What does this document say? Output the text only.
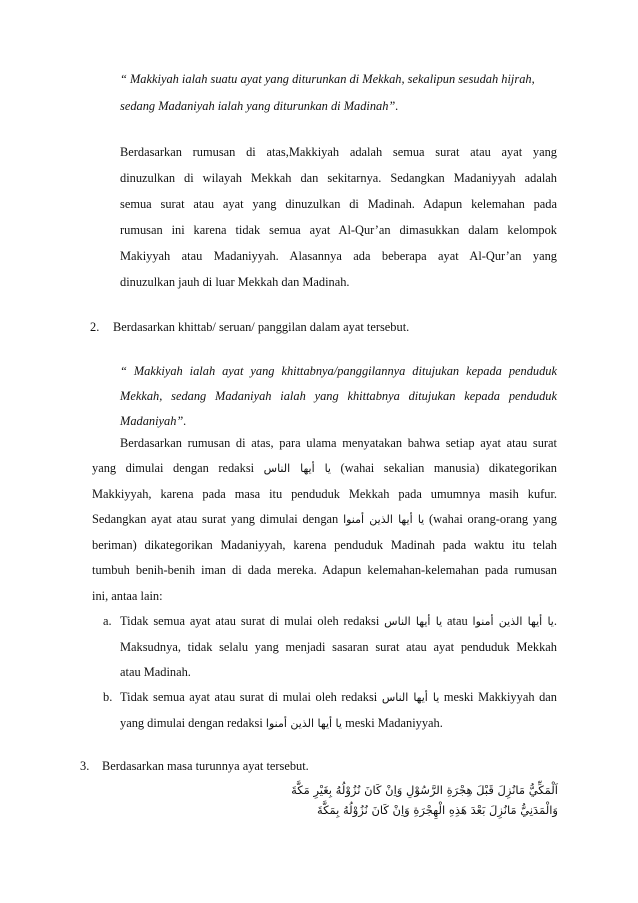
“ Makkiyah ialah suatu ayat yang diturunkan di Mekkah, sekalipun sesudah hijrah,

sedang Madaniyah ialah yang diturunkan di Madinah”.

Berdasarkan rumusan di atas,Makkiyah adalah semua surat atau ayat yang

dinuzulkan di wilayah Mekkah dan sekitarnya. Sedangkan Madaniyyah adalah

semua surat atau ayat yang dinuzulkan di Madinah. Adapun kelemahan pada

rumusan ini karena tidak semua ayat Al-Qur’an dimasukkan dalam kelompok

Makiyyah atau Madaniyyah. Alasannya ada beberapa ayat Al-Qur’an yang

dinuzulkan jauh di luar Mekkah dan Madinah.

2. Berdasarkan khittab/ seruan/ panggilan dalam ayat tersebut.

“ Makkiyah ialah ayat yang khittabnya/panggilannya ditujukan kepada penduduk

Mekkah, sedang Madaniyah ialah yang khittabnya ditujukan kepada penduduk

Madaniyah”.

Berdasarkan rumusan di atas, para ulama menyatakan bahwa setiap ayat atau surat

yang dimulai dengan redaksi يا أيها الناس (wahai sekalian manusia) dikategorikan

Makkiyyah, karena pada masa itu penduduk Mekkah pada umumnya masih kufur.

Sedangkan ayat atau surat yang dimulai dengan يا أيها الذين أمنوا (wahai orang-orang yang

beriman) dikategorikan Madaniyyah, karena penduduk Madinah pada waktu itu telah

tumbuh benih-benih iman di dada mereka. Adapun kelemahan-kelemahan pada rumusan

ini, antaa lain:

a. Tidak semua ayat atau surat di mulai oleh redaksi يا أيها الناس atau يا أيها الذين أمنوا.

Maksudnya, tidak selalu yang menjadi sasaran surat atau ayat penduduk Mekkah

atau Madinah.

b. Tidak semua ayat atau surat di mulai oleh redaksi يا أيها الناس meski Makkiyyah dan

yang dimulai dengan redaksi يا أيها الذين أمنوا meski Madaniyyah.

3. Berdasarkan masa turunnya ayat tersebut.

اَلْمَكِّيُّ مَانُزِلَ قَبْلَ هِجْرَةِ الرَّسُوْلِ وَاِنْ كَانَ نُزُوْلُهُ بِغَيْرِ مَكَّةَ
وَالْمَدَنِيُّ مَانُزِلَ بَعْدَ هَذِهِ الْهِجْرَةِ وَاِنْ كَانَ نُزُوْلُهُ بِمَكَّةَ
